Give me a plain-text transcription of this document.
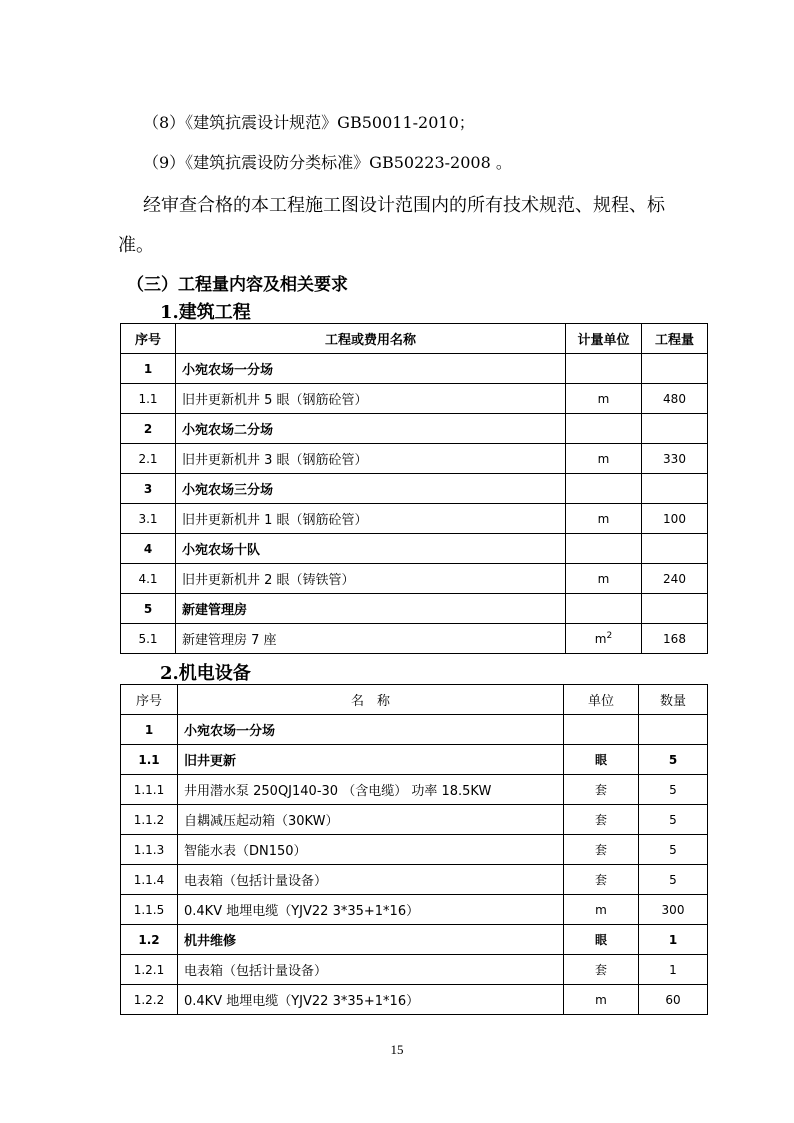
（8）《建筑抗震设计规范》GB50011-2010；
（9）《建筑抗震设防分类标准》GB50223-2008 。
经审查合格的本工程施工图设计范围内的所有技术规范、规程、标
准。
（三）工程量内容及相关要求
1.建筑工程
序号	工程或费用名称	计量单位	工程量
1	小宛农场一分场		
1.1	旧井更新机井 5 眼（钢筋砼管）	m	480
2	小宛农场二分场		
2.1	旧井更新机井 3 眼（钢筋砼管）	m	330
3	小宛农场三分场		
3.1	旧井更新机井 1 眼（钢筋砼管）	m	100
4	小宛农场十队		
4.1	旧井更新机井 2 眼（铸铁管）	m	240
5	新建管理房		
5.1	新建管理房 7 座	$m^2$	168
2.机电设备
序号	名　称	单位	数量
1	小宛农场一分场		
1.1	旧井更新	眼	5
1.1.1	井用潜水泵 250QJ140-30 （含电缆） 功率 18.5KW	套	5
1.1.2	自耦减压起动箱（30KW）	套	5
1.1.3	智能水表（DN150）	套	5
1.1.4	电表箱（包括计量设备）	套	5
1.1.5	0.4KV 地埋电缆（YJV22 3*35+1*16）	m	300
1.2	机井维修	眼	1
1.2.1	电表箱（包括计量设备）	套	1
1.2.2	0.4KV 地埋电缆（YJV22 3*35+1*16）	m	60
15
